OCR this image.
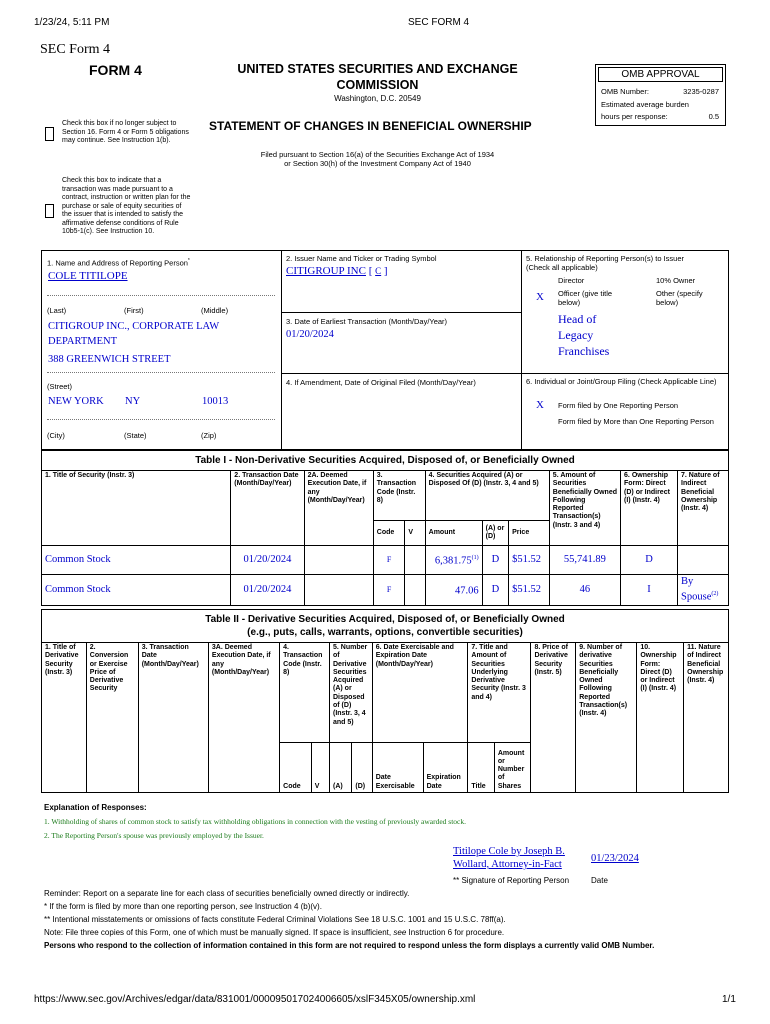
1/23/24, 5:11 PM	SEC FORM 4
SEC Form 4
FORM 4	UNITED STATES SECURITIES AND EXCHANGE
COMMISSION
Washington, D.C. 20549
OMB APPROVAL
OMB Number:	3235-0287
Estimated average burden
hours per response:	0.5
Check this box if no longer subject to Section 16. Form 4 or Form 5 obligations may continue. See Instruction 1(b).
STATEMENT OF CHANGES IN BENEFICIAL OWNERSHIP
Filed pursuant to Section 16(a) of the Securities Exchange Act of 1934
or Section 30(h) of the Investment Company Act of 1940
Check this box to indicate that a transaction was made pursuant to a contract, instruction or written plan for the purchase or sale of equity securities of the issuer that is intended to satisfy the affirmative defense conditions of Rule 10b5-1(c). See Instruction 10.
1. Name and Address of Reporting Person*
COLE TITILOPE
(Last)	(First)	(Middle)
CITIGROUP INC., CORPORATE LAW
DEPARTMENT
388 GREENWICH STREET
(Street)
NEW YORK NY	10013
(City)	(State)	(Zip)
2. Issuer Name and Ticker or Trading Symbol
CITIGROUP INC [ C ]
3. Date of Earliest Transaction (Month/Day/Year)
01/20/2024
4. If Amendment, Date of Original Filed (Month/Day/Year)
5. Relationship of Reporting Person(s) to Issuer
(Check all applicable)
Director	10% Owner
X Officer (give title below)
Other (specify below)
Head of
Legacy
Franchises
6. Individual or Joint/Group Filing (Check Applicable Line)
X Form filed by One Reporting Person
Form filed by More than One Reporting Person
Table I - Non-Derivative Securities Acquired, Disposed of, or Beneficially Owned										
1. Title of Security (Instr. 3)	2. Transaction Date (Month/Day/Year)	2A. Deemed Execution Date, if any (Month/Day/Year)	3. Transaction Code (Instr. 8)		4. Securities Acquired (A) or Disposed Of (D) (Instr. 3, 4 and 5)			5. Amount of Securities Beneficially Owned Following Reported Transaction(s) (Instr. 3 and 4)	6. Ownership Form: Direct (D) or Indirect (I) (Instr. 4)	7. Nature of Indirect Beneficial Ownership (Instr. 4)
			Code	V	Amount	(A) or (D)	Price			
Common Stock	01/20/2024		F		6,381.75$^{(1)}$	D	$51.52	55,741.89	D	
Common Stock	01/20/2024		F		47.06	D	$51.52	46	I	By Spouse$^{(2)}$
Table II - Derivative Securities Acquired, Disposed of, or Beneficially Owned
(e.g., puts, calls, warrants, options, convertible securities)															
1. Title of Derivative Security (Instr. 3)	2. Conversion or Exercise Price of Derivative Security	3. Transaction Date (Month/Day/Year)	3A. Deemed Execution Date, if any (Month/Day/Year)	4. Transaction Code (Instr. 8)		5. Number of Derivative Securities Acquired (A) or Disposed of (D) (Instr. 3, 4 and 5)		6. Date Exercisable and Expiration Date (Month/Day/Year)		7. Title and Amount of Securities Underlying Derivative Security (Instr. 3 and 4)		8. Price of Derivative Security (Instr. 5)	9. Number of derivative Securities Beneficially Owned Following Reported Transaction(s) (Instr. 4)	10. Ownership Form: Direct (D) or Indirect (I) (Instr. 4)	11. Nature of Indirect Beneficial Ownership (Instr. 4)
				Code	V	(A)	(D)	Date Exercisable	Expiration Date	Title	Amount or Number of Shares				
Explanation of Responses:
1. Withholding of shares of common stock to satisfy tax withholding obligations in connection with the vesting of previously awarded stock.
2. The Reporting Person's spouse was previously employed by the Issuer.
Titilope Cole by Joseph B.
Wollard, Attorney-in-Fact
01/23/2024
** Signature of Reporting Person	Date
Reminder: Report on a separate line for each class of securities beneficially owned directly or indirectly.
* If the form is filed by more than one reporting person, see Instruction 4 (b)(v).
** Intentional misstatements or omissions of facts constitute Federal Criminal Violations See 18 U.S.C. 1001 and 15 U.S.C. 78ff(a).
Note: File three copies of this Form, one of which must be manually signed. If space is insufficient, see Instruction 6 for procedure.
Persons who respond to the collection of information contained in this form are not required to respond unless the form displays a currently valid OMB Number.
https://www.sec.gov/Archives/edgar/data/831001/000095017024006605/xslF345X05/ownership.xml	1/1
